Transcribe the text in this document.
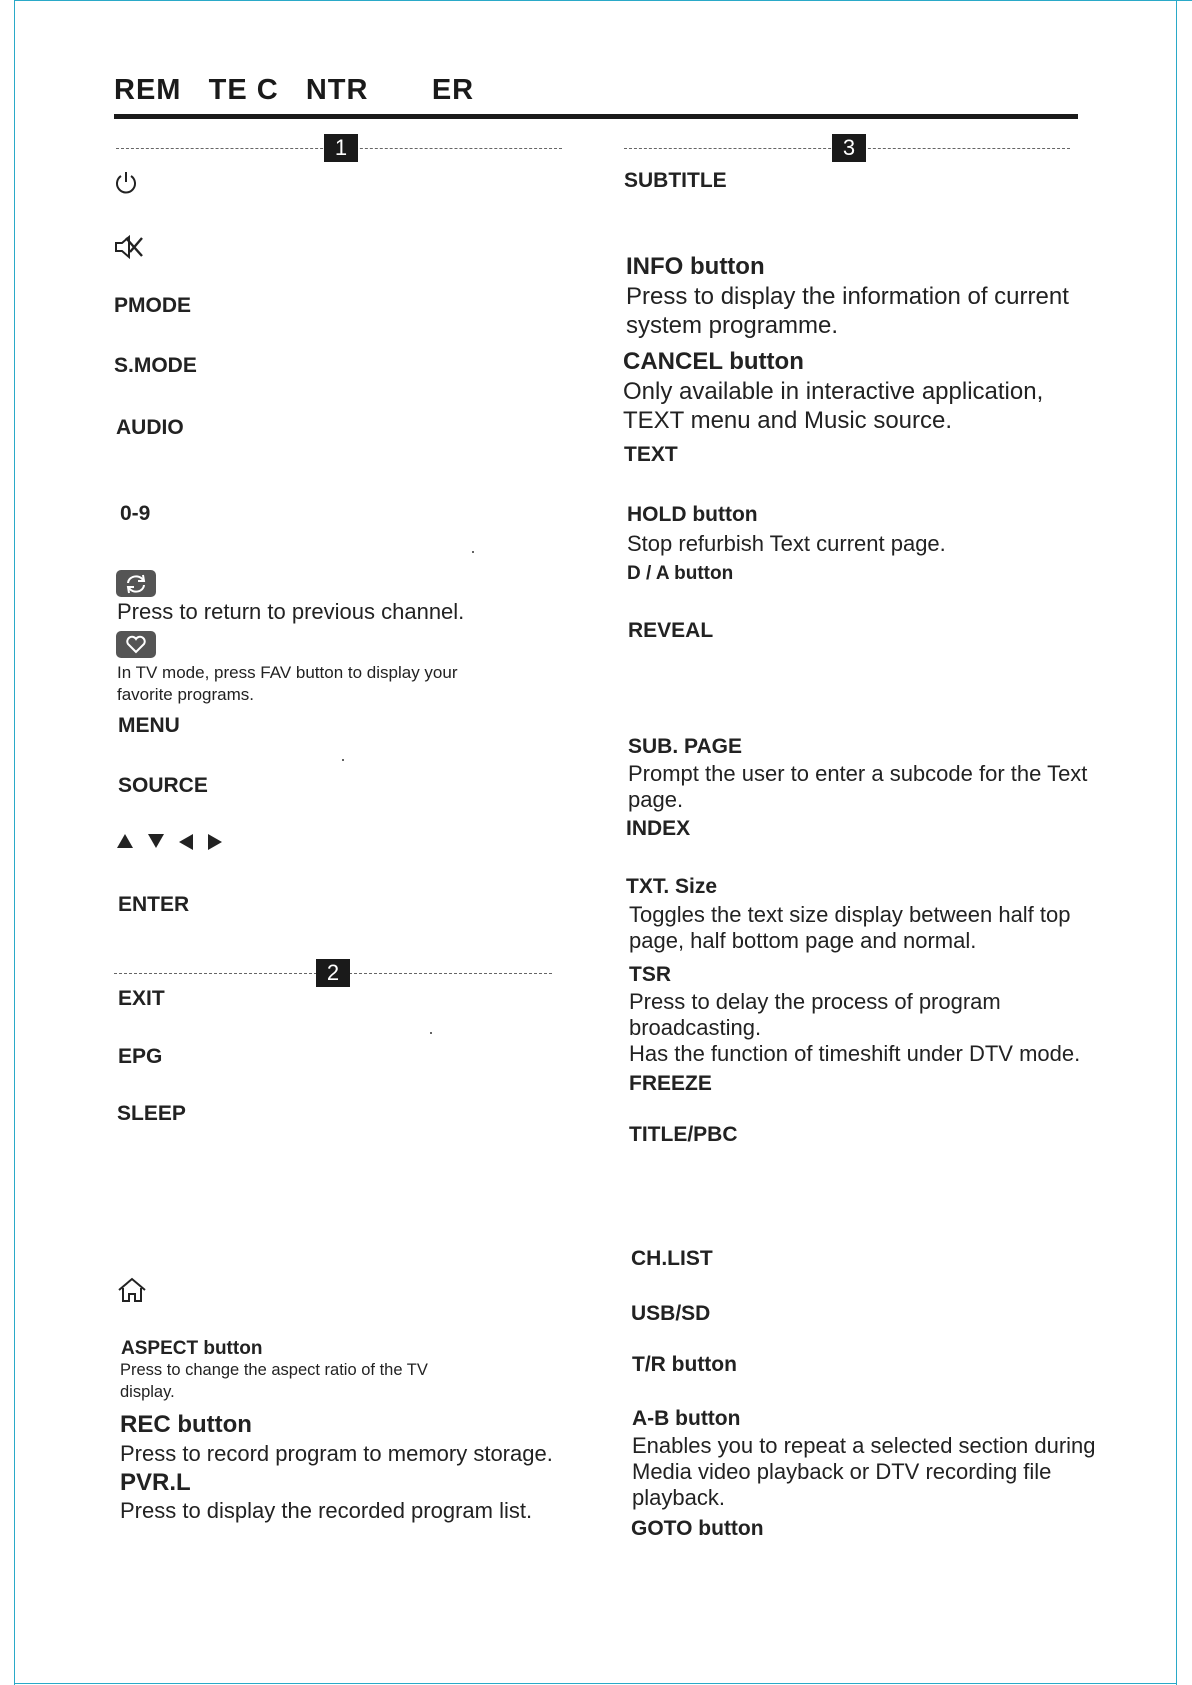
REM   TE C   NTR       ER
1	3
2
PMODE
S.MODE
AUDIO
0-9
Press to return to previous channel.
In TV mode, press FAV button to display your
favorite programs.
MENU
SOURCE
ENTER
EXIT
EPG
SLEEP
ASPECT button
Press to change the aspect ratio of the TV
display.
REC button
Press to record program to memory storage.
PVR.L
Press to display the recorded program list.
SUBTITLE
INFO button
Press to display the information of current
system programme.
CANCEL button
Only available in interactive application,
TEXT menu and Music source.
TEXT
HOLD button
Stop refurbish Text current page.
D / A button
REVEAL
SUB. PAGE
Prompt the user to enter a subcode for the Text
page.
INDEX
TXT. Size
Toggles the text size display between half top
page, half bottom page and normal.
TSR
Press to delay the process of program
broadcasting.
Has the function of timeshift under DTV mode.
FREEZE
TITLE/PBC
CH.LIST
USB/SD
T/R button
A-B button
Enables you to repeat a selected section during
Media video playback or DTV recording file
playback.
GOTO button
